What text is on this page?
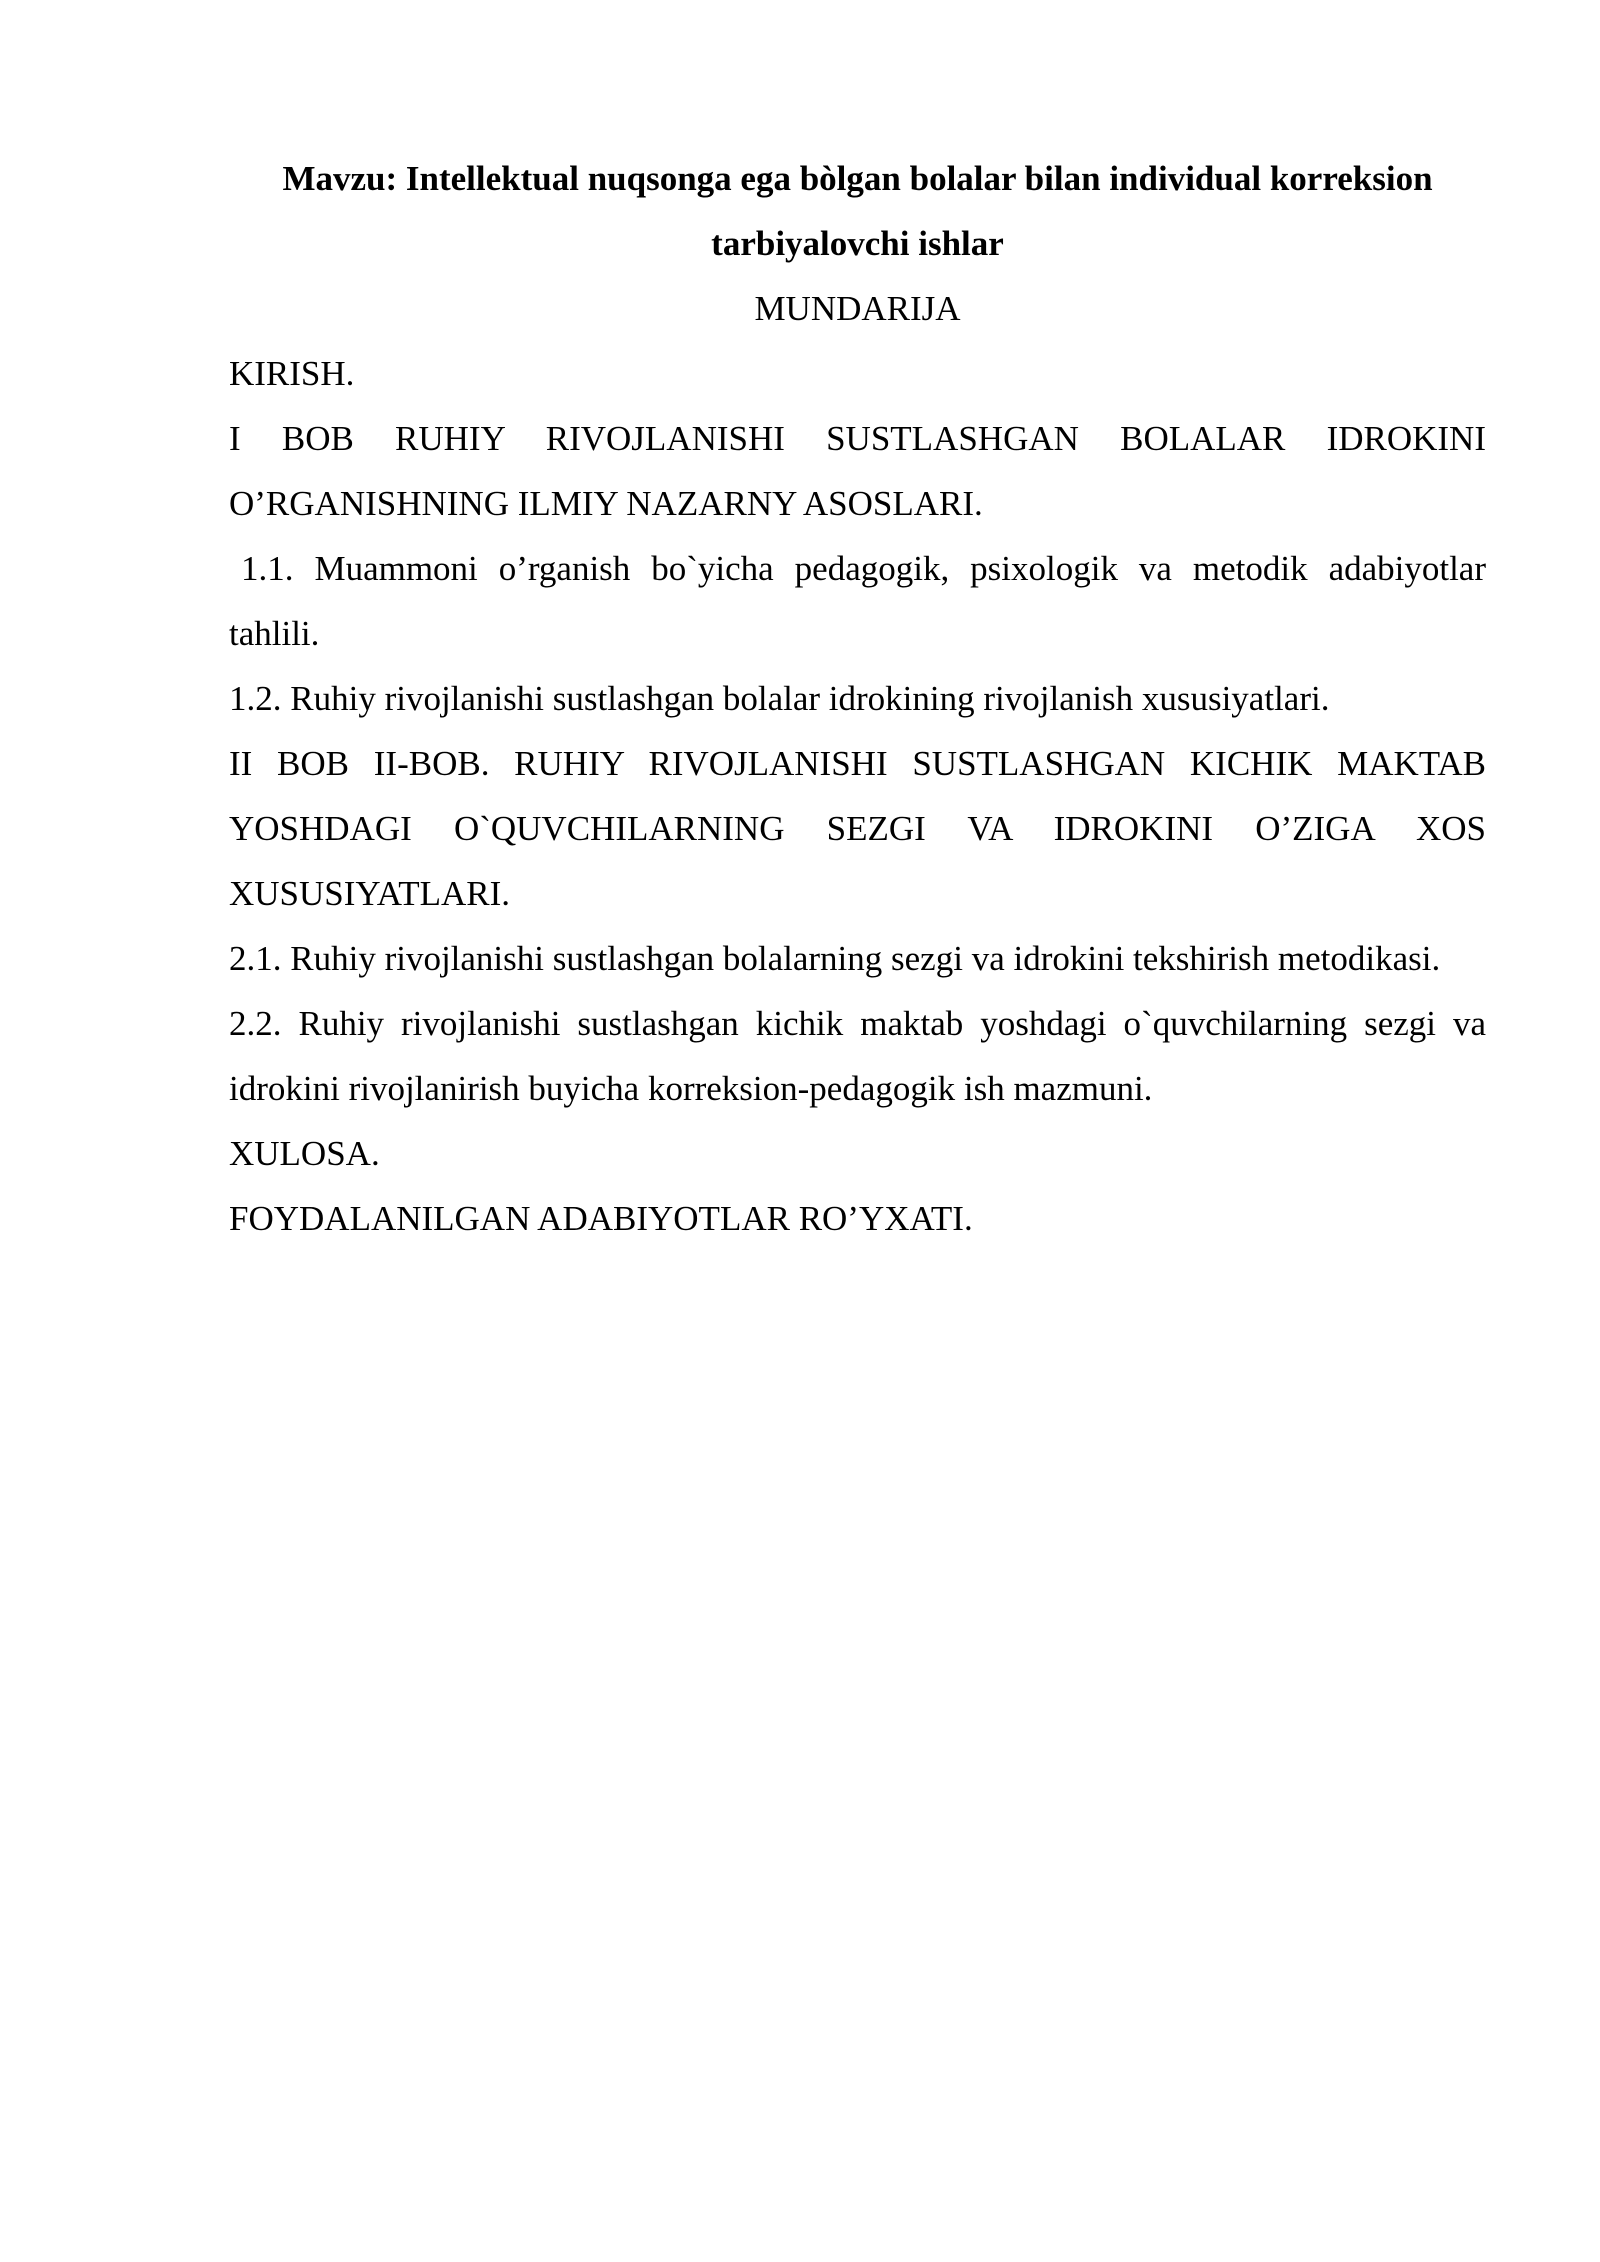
Mavzu: Intellektual nuqsonga ega bòlgan bolalar bilan individual korreksion tarbiyalovchi ishlar
MUNDARIJA
KIRISH.
I BOB RUHIY RIVOJLANISHI SUSTLASHGAN BOLALAR IDROKINI O’RGANISHNING ILMIY NAZARNY ASOSLARI.
1.1. Muammoni o’rganish bo`yicha pedagogik, psixologik va metodik adabiyotlar tahlili.
1.2. Ruhiy rivojlanishi sustlashgan bolalar idrokining rivojlanish xususiyatlari.
II BOB II-BOB. RUHIY RIVOJLANISHI SUSTLASHGAN KICHIK MAKTAB YOSHDAGI O`QUVCHILARNING SEZGI VA IDROKINI O’ZIGA XOS XUSUSIYATLARI.
2.1. Ruhiy rivojlanishi sustlashgan bolalarning sezgi va idrokini tekshirish metodikasi.
2.2. Ruhiy rivojlanishi sustlashgan kichik maktab yoshdagi o`quvchilarning sezgi va idrokini rivojlanirish buyicha korreksion-pedagogik ish mazmuni.
XULOSA.
FOYDALANILGAN ADABIYOTLAR RO’YXATI.
